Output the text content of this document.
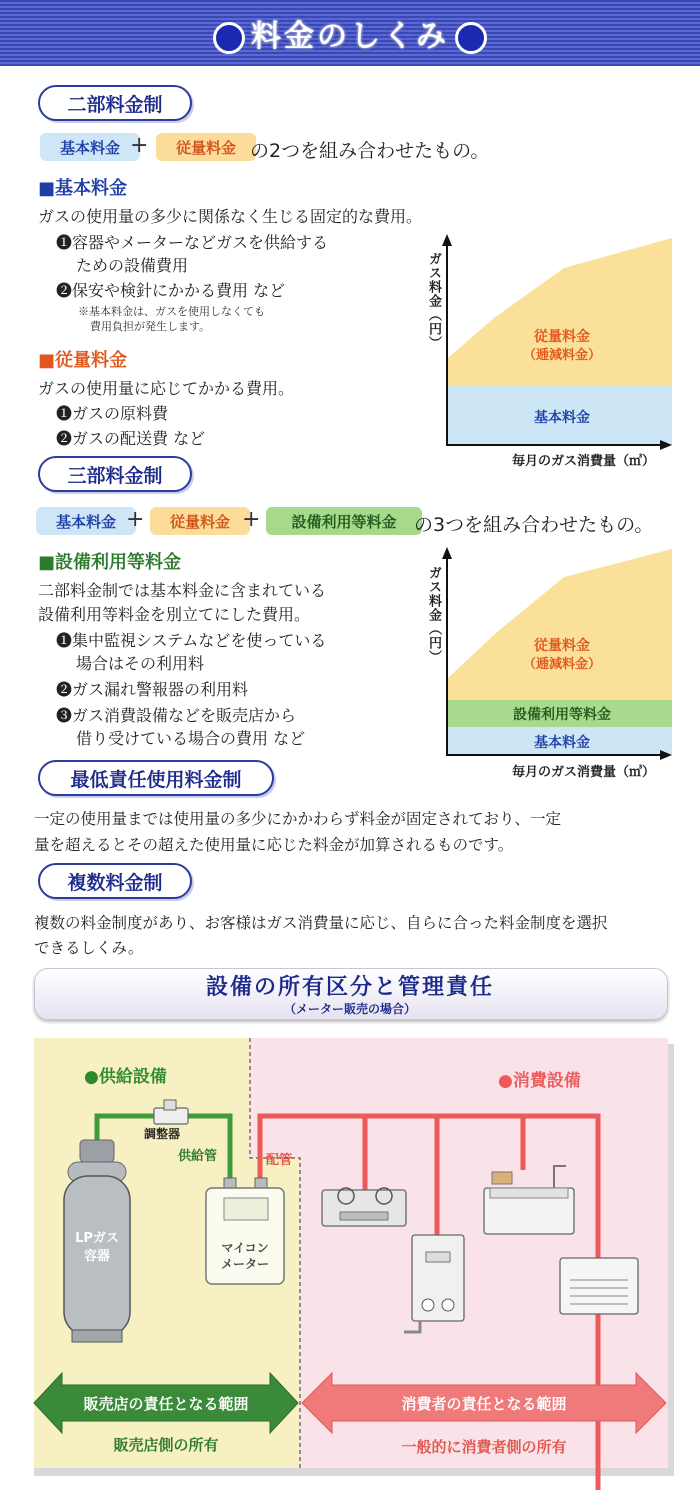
料金のしくみ
二部料金制
基本料金 +	従量料金 の2つを組み合わせたもの。
■基本料金
ガスの使用量の多少に関係なく生じる固定的な費用。
❶容器やメーターなどガスを供給する
ための設備費用
❷保安や検針にかかる費用 など
※基本料金は、ガスを使用しなくても
費用負担が発生します。
■従量料金
ガスの使用量に応じてかかる費用。
❶ガスの原料費
❷ガスの配送費 など
ガス料金（円）	従量料金
（逓減料金）
基本料金
毎月のガス消費量（㎥）
三部料金制
基本料金 +	従量料金 +	設備利用等料金 の3つを組み合わせたもの。
■設備利用等料金
二部料金制では基本料金に含まれている
設備利用等料金を別立てにした費用。
❶集中監視システムなどを使っている
場合はその利用料
❷ガス漏れ警報器の利用料
❸ガス消費設備などを販売店から
借り受けている場合の費用 など
ガス料金（円）	従量料金
（逓減料金）
設備利用等料金
基本料金
毎月のガス消費量（㎥）
最低責任使用料金制
一定の使用量までは使用量の多少にかかわらず料金が固定されており、一定
量を超えるとその超えた使用量に応じた料金が加算されるものです。
複数料金制
複数の料金制度があり、お客様はガス消費量に応じ、自らに合った料金制度を選択
できるしくみ。
設備の所有区分と管理責任
（メーター販売の場合）
●供給設備	●消費設備
調整器
供給管	配管
LPガス
容器
マイコン
メーター
販売店の責任となる範囲	消費者の責任となる範囲
販売店側の所有	一般的に消費者側の所有
